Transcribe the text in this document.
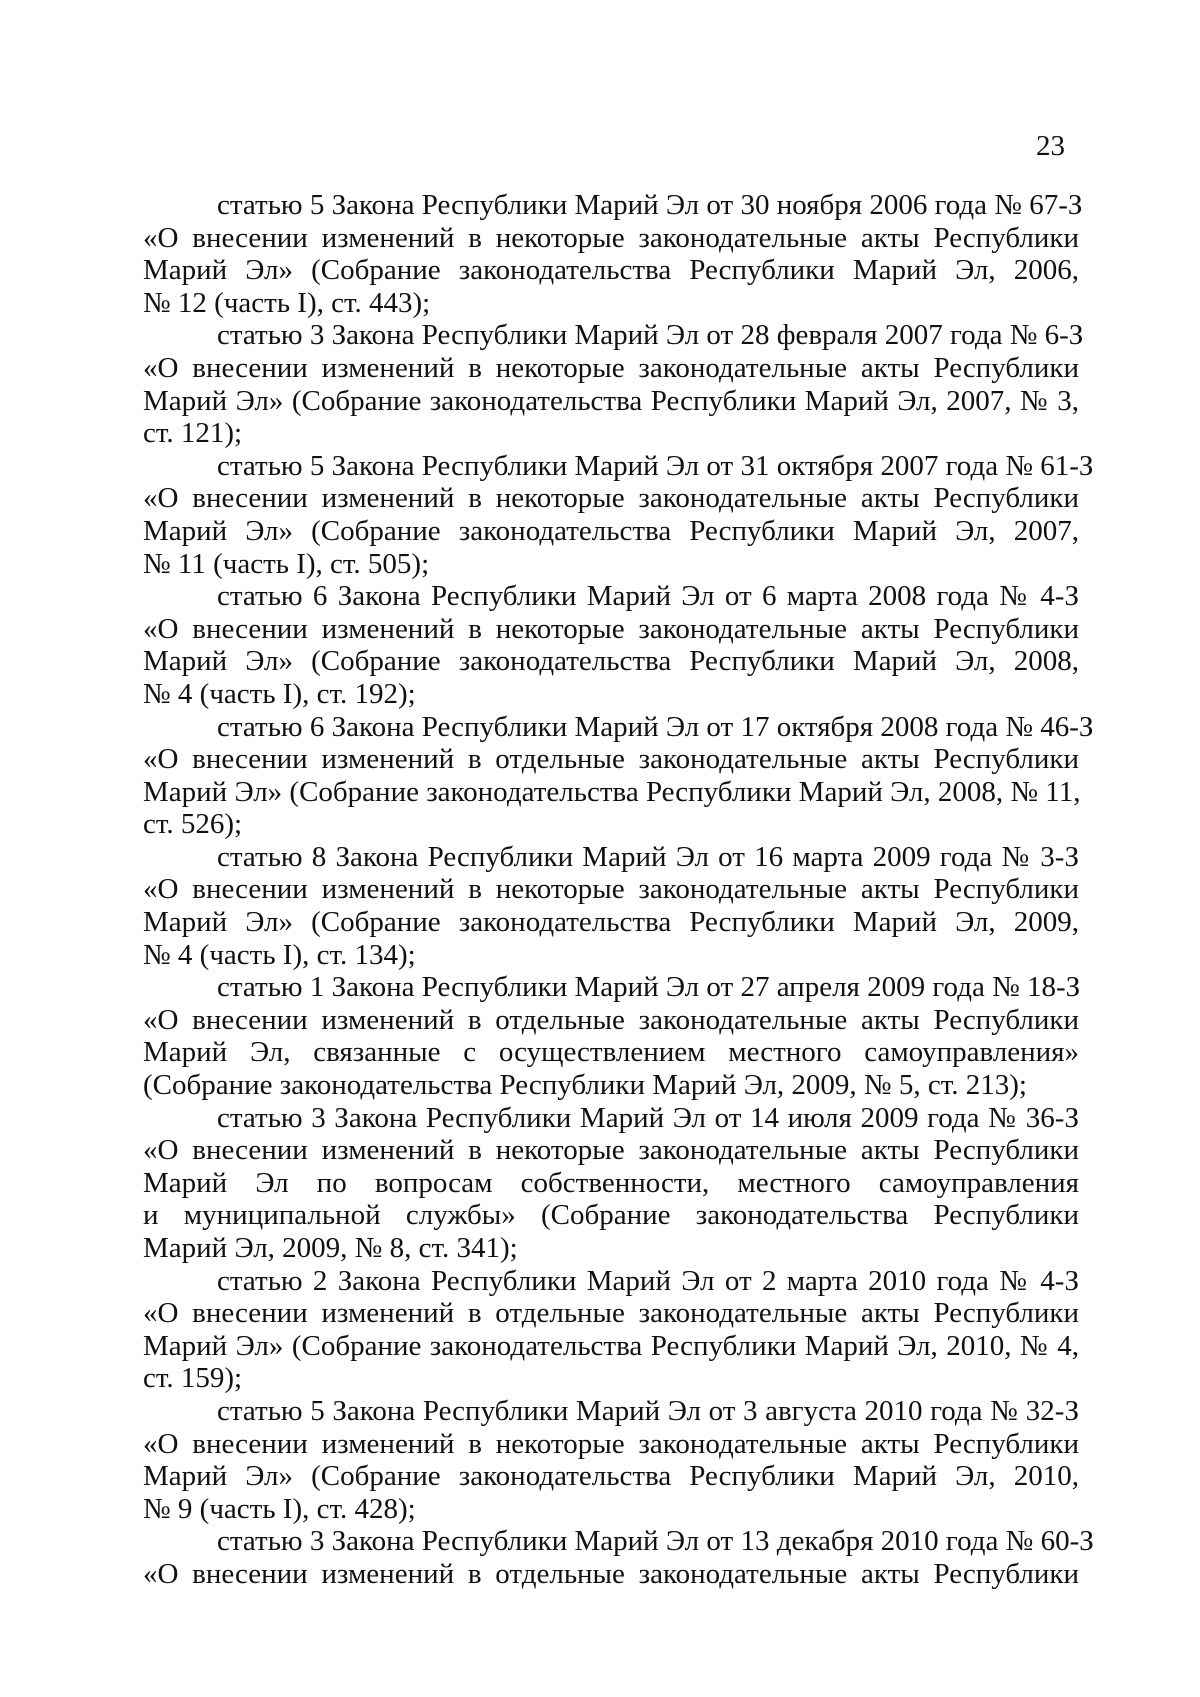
23
статью 5 Закона Республики Марий Эл от 30 ноября 2006 года № 67-З
«О внесении изменений в некоторые законодательные акты Республики
Марий Эл» (Собрание законодательства Республики Марий Эл, 2006,
№ 12 (часть I), ст. 443);
статью 3 Закона Республики Марий Эл от 28 февраля 2007 года № 6-З
«О внесении изменений в некоторые законодательные акты Республики
Марий Эл» (Собрание законодательства Республики Марий Эл, 2007, № 3,
ст. 121);
статью 5 Закона Республики Марий Эл от 31 октября 2007 года № 61-З
«О внесении изменений в некоторые законодательные акты Республики
Марий Эл» (Собрание законодательства Республики Марий Эл, 2007,
№ 11 (часть I), ст. 505);
статью 6 Закона Республики Марий Эл от 6 марта 2008 года № 4-З
«О внесении изменений в некоторые законодательные акты Республики
Марий Эл» (Собрание законодательства Республики Марий Эл, 2008,
№ 4 (часть I), ст. 192);
статью 6 Закона Республики Марий Эл от 17 октября 2008 года № 46-З
«О внесении изменений в отдельные законодательные акты Республики
Марий Эл» (Собрание законодательства Республики Марий Эл, 2008, № 11,
ст. 526);
статью 8 Закона Республики Марий Эл от 16 марта 2009 года № 3-З
«О внесении изменений в некоторые законодательные акты Республики
Марий Эл» (Собрание законодательства Республики Марий Эл, 2009,
№ 4 (часть I), ст. 134);
статью 1 Закона Республики Марий Эл от 27 апреля 2009 года № 18-З
«О внесении изменений в отдельные законодательные акты Республики
Марий Эл, связанные с осуществлением местного самоуправления»
(Собрание законодательства Республики Марий Эл, 2009, № 5, ст. 213);
статью 3 Закона Республики Марий Эл от 14 июля 2009 года № 36-З
«О внесении изменений в некоторые законодательные акты Республики
Марий Эл по вопросам собственности, местного самоуправления
и муниципальной службы» (Собрание законодательства Республики
Марий Эл, 2009, № 8, ст. 341);
статью 2 Закона Республики Марий Эл от 2 марта 2010 года № 4-З
«О внесении изменений в отдельные законодательные акты Республики
Марий Эл» (Собрание законодательства Республики Марий Эл, 2010, № 4,
ст. 159);
статью 5 Закона Республики Марий Эл от 3 августа 2010 года № 32-З
«О внесении изменений в некоторые законодательные акты Республики
Марий Эл» (Собрание законодательства Республики Марий Эл, 2010,
№ 9 (часть I), ст. 428);
статью 3 Закона Республики Марий Эл от 13 декабря 2010 года № 60-З
«О внесении изменений в отдельные законодательные акты Республики
